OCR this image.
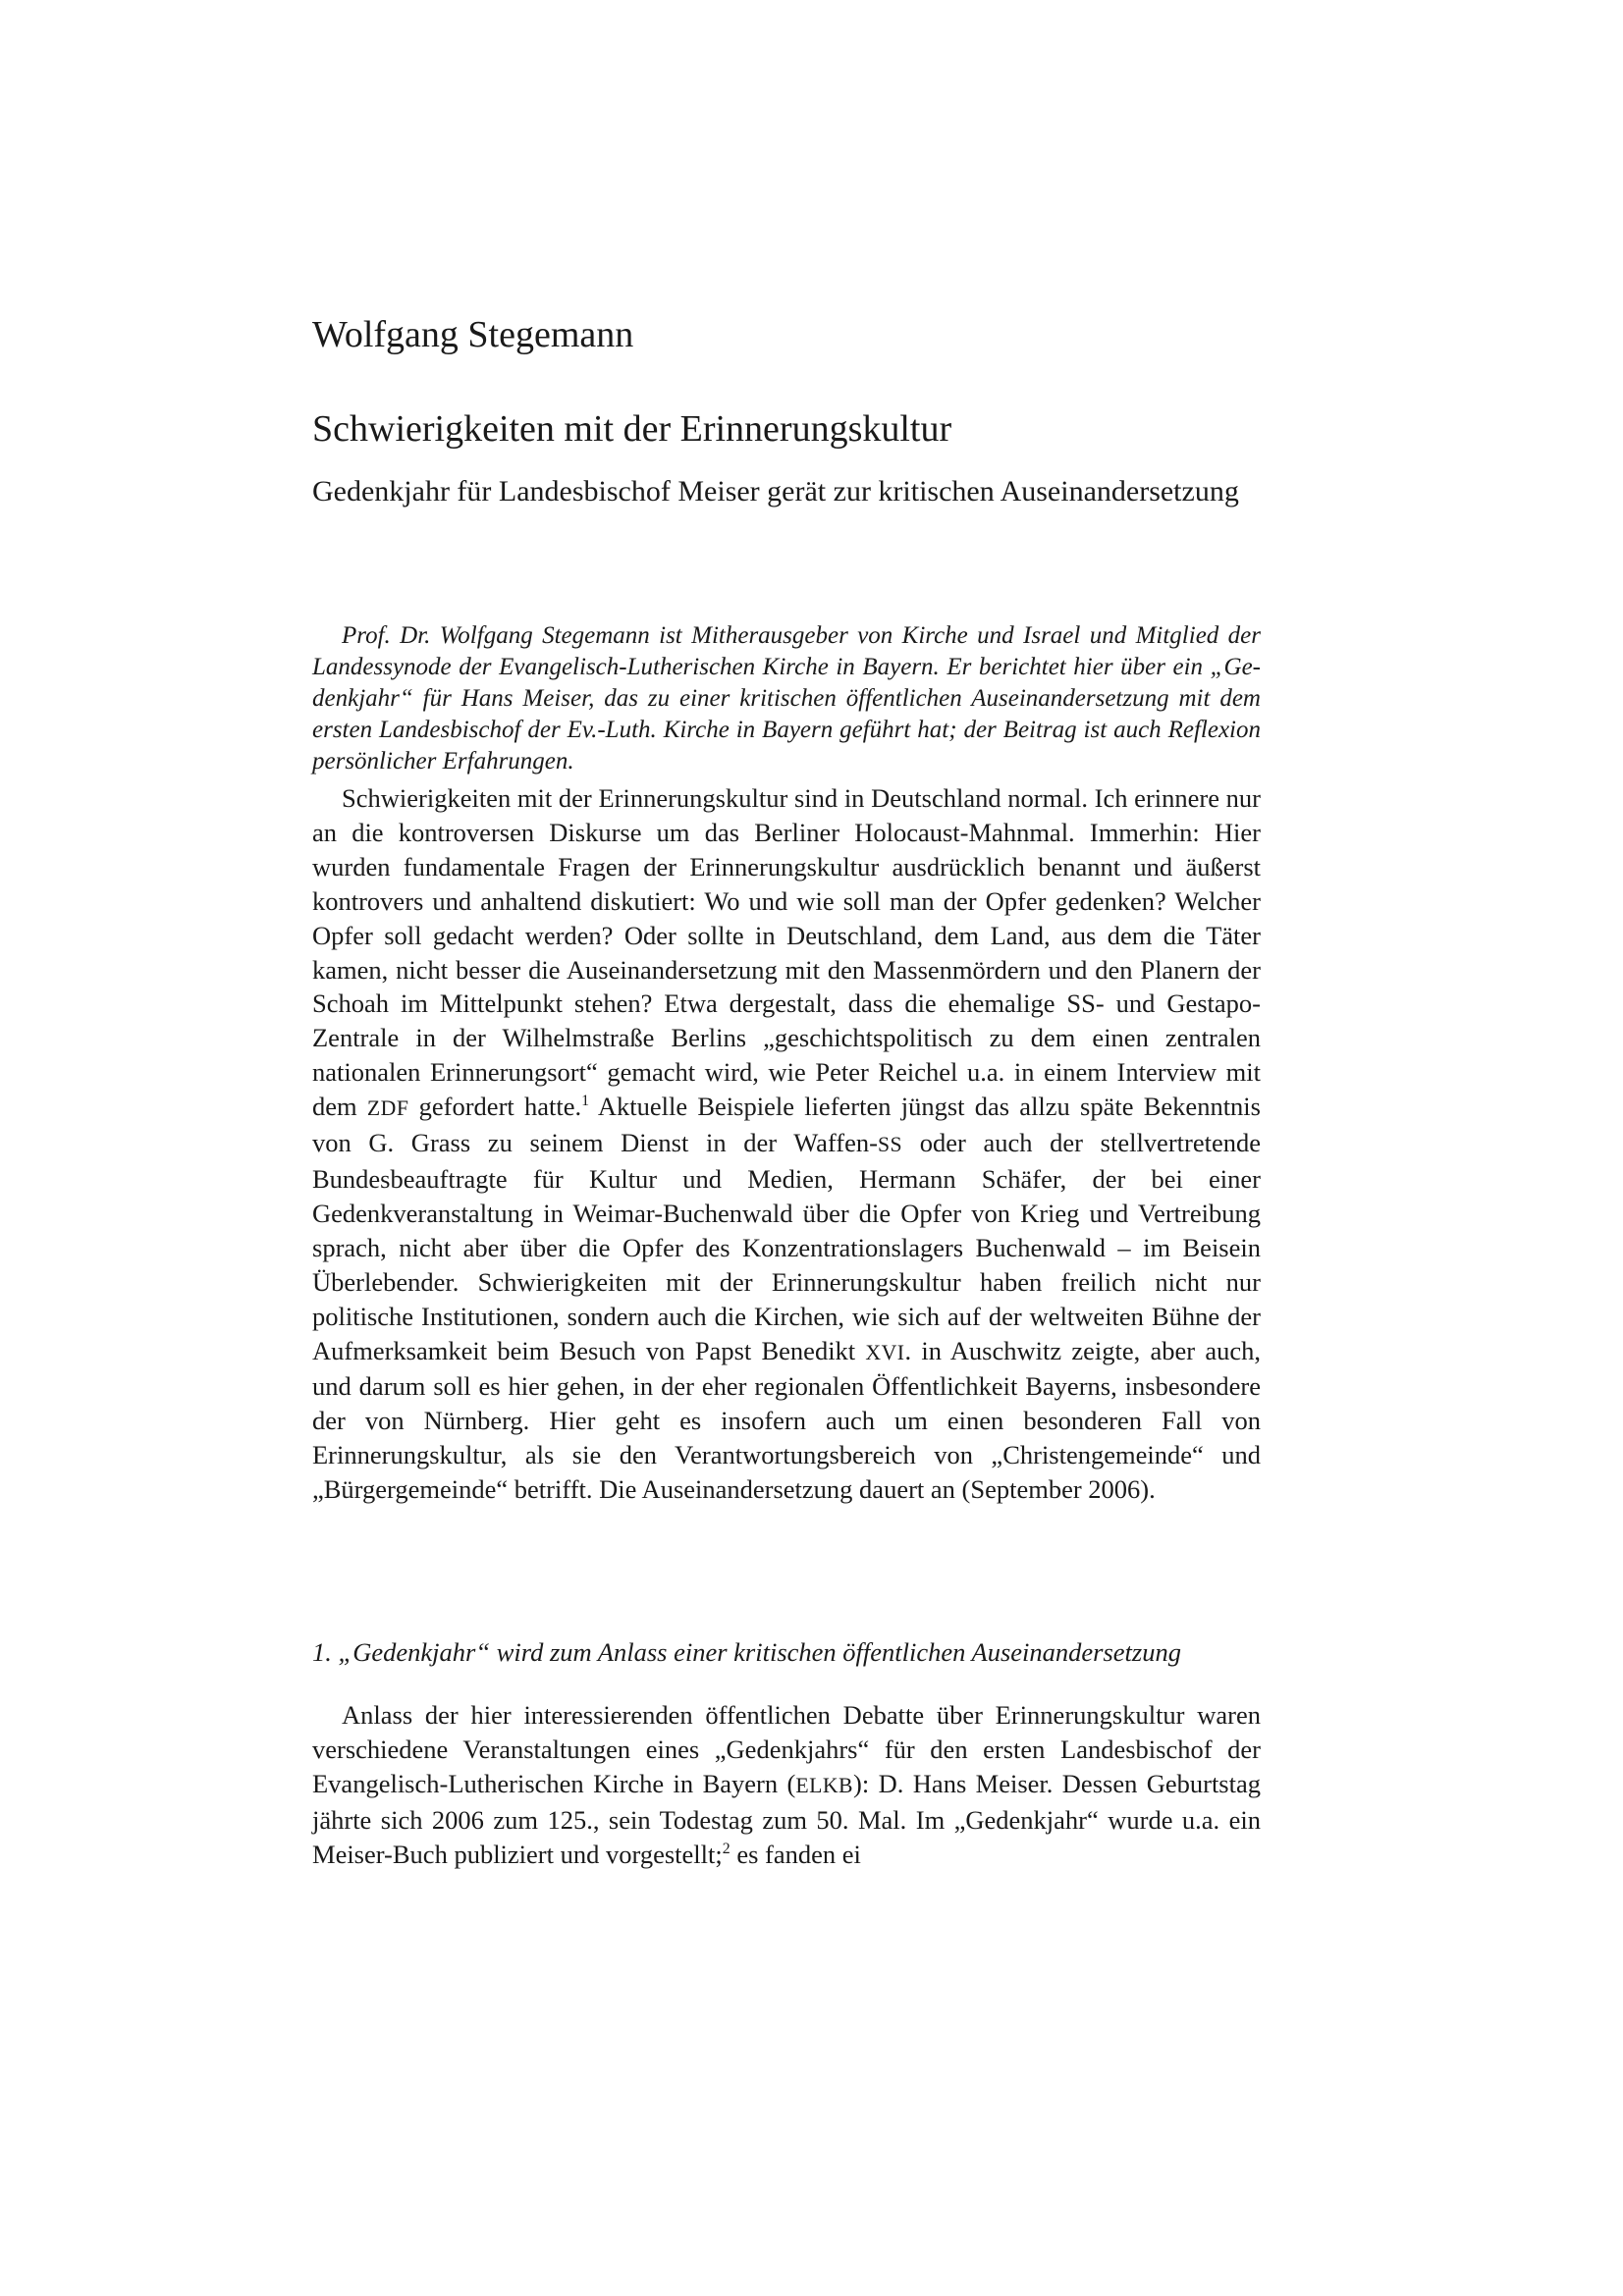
Wolfgang Stegemann
Schwierigkeiten mit der Erinnerungskultur
Gedenkjahr für Landesbischof Meiser gerät zur kritischen Auseinandersetzung

Prof. Dr. Wolfgang Stegemann ist Mitherausgeber von Kirche und Israel und Mitglied der Landessynode der Evangelisch-Lutherischen Kirche in Bayern. Er berichtet hier über ein „Gedenkjahr“ für Hans Meiser, das zu einer kritischen öffentlichen Auseinandersetzung mit dem ersten Landesbischof der Ev.-Luth. Kirche in Bayern geführt hat; der Beitrag ist auch Reflexion persönlicher Erfahrungen.

Schwierigkeiten mit der Erinnerungskultur sind in Deutschland normal. Ich erinnere nur an die kontroversen Diskurse um das Berliner Holocaust-Mahnmal. Immerhin: Hier wurden fundamentale Fragen der Erinnerungskultur ausdrücklich benannt und äußerst kontrovers und anhaltend diskutiert: Wo und wie soll man der Opfer gedenken? Welcher Opfer soll gedacht werden? Oder sollte in Deutschland, dem Land, aus dem die Täter kamen, nicht besser die Auseinandersetzung mit den Massenmördern und den Planern der Schoah im Mittelpunkt stehen? Etwa dergestalt, dass die ehemalige SS- und Gestapo-Zentrale in der Wilhelmstraße Berlins „geschichtspolitisch zu dem einen zentralen nationalen Erinnerungsort“ gemacht wird, wie Peter Reichel u.a. in einem Interview mit dem ZDF gefordert hatte.$^1$ Aktuelle Beispiele lieferten jüngst das allzu späte Bekenntnis von G. Grass zu seinem Dienst in der Waffen-SS oder auch der stellvertretende Bundesbeauftragte für Kultur und Medien, Hermann Schäfer, der bei einer Gedenkveranstaltung in Weimar-Buchenwald über die Opfer von Krieg und Vertreibung sprach, nicht aber über die Opfer des Konzentrationslagers Buchenwald – im Beisein Überlebender. Schwierigkeiten mit der Erinnerungskultur haben freilich nicht nur politische Institutionen, sondern auch die Kirchen, wie sich auf der weltweiten Bühne der Aufmerksamkeit beim Besuch von Papst Benedikt XVI. in Auschwitz zeigte, aber auch, und darum soll es hier gehen, in der eher regionalen Öffentlichkeit Bayerns, insbesondere der von Nürnberg. Hier geht es insofern auch um einen besonderen Fall von Erinnerungskultur, als sie den Verantwortungsbereich von „Christengemeinde“ und „Bürgergemeinde“ betrifft. Die Auseinandersetzung dauert an (September 2006).

1. „Gedenkjahr“ wird zum Anlass einer kritischen öffentlichen Auseinandersetzung

Anlass der hier interessierenden öffentlichen Debatte über Erinnerungskultur waren verschiedene Veranstaltungen eines „Gedenkjahrs“ für den ersten Landesbischof der Evangelisch-Lutherischen Kirche in Bayern (ELKB): D. Hans Meiser. Dessen Geburtstag jährte sich 2006 zum 125., sein Todestag zum 50. Mal. Im „Gedenkjahr“ wurde u.a. ein Meiser-Buch publiziert und vorgestellt;$^2$ es fanden ei
